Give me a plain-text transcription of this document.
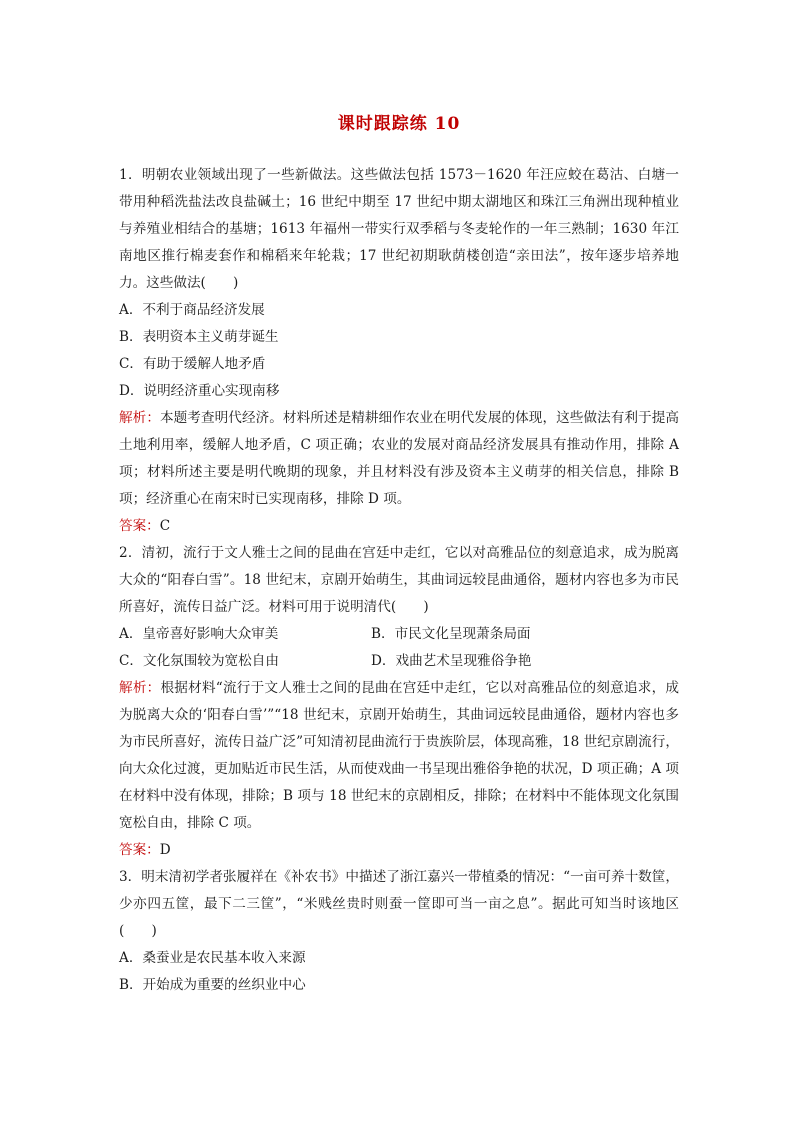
课时跟踪练 10

1．明朝农业领域出现了一些新做法。这些做法包括 1573－1620 年汪应蛟在葛沽、白塘一带用种稻洗盐法改良盐碱土；16 世纪中期至 17 世纪中期太湖地区和珠江三角洲出现种植业与养殖业相结合的基塘；1613 年福州一带实行双季稻与冬麦轮作的一年三熟制；1630 年江南地区推行棉麦套作和棉稻来年轮栽；17 世纪初期耿荫楼创造“亲田法”，按年逐步培养地力。这些做法(　　)

A．不利于商品经济发展

B．表明资本主义萌芽诞生

C．有助于缓解人地矛盾

D．说明经济重心实现南移

解析：本题考查明代经济。材料所述是精耕细作农业在明代发展的体现，这些做法有利于提高土地利用率，缓解人地矛盾，C 项正确；农业的发展对商品经济发展具有推动作用，排除 A 项；材料所述主要是明代晚期的现象，并且材料没有涉及资本主义萌芽的相关信息，排除 B 项；经济重心在南宋时已实现南移，排除 D 项。

答案：C

2．清初，流行于文人雅士之间的昆曲在宫廷中走红，它以对高雅品位的刻意追求，成为脱离大众的“阳春白雪”。18 世纪末，京剧开始萌生，其曲词远较昆曲通俗，题材内容也多为市民所喜好，流传日益广泛。材料可用于说明清代(　　)

A．皇帝喜好影响大众审美	B．市民文化呈现萧条局面
C．文化氛围较为宽松自由	D．戏曲艺术呈现雅俗争艳

解析：根据材料“流行于文人雅士之间的昆曲在宫廷中走红，它以对高雅品位的刻意追求，成为脱离大众的‘阳春白雪’”“18 世纪末，京剧开始萌生，其曲词远较昆曲通俗，题材内容也多为市民所喜好，流传日益广泛”可知清初昆曲流行于贵族阶层，体现高雅，18 世纪京剧流行，向大众化过渡，更加贴近市民生活，从而使戏曲一书呈现出雅俗争艳的状况，D 项正确；A 项在材料中没有体现，排除；B 项与 18 世纪末的京剧相反，排除；在材料中不能体现文化氛围宽松自由，排除 C 项。

答案：D

3．明末清初学者张履祥在《补农书》中描述了浙江嘉兴一带植桑的情况：“一亩可养十数筐，少亦四五筐，最下二三筐”，“米贱丝贵时则蚕一筐即可当一亩之息”。据此可知当时该地区(　　)

A．桑蚕业是农民基本收入来源

B．开始成为重要的丝织业中心
